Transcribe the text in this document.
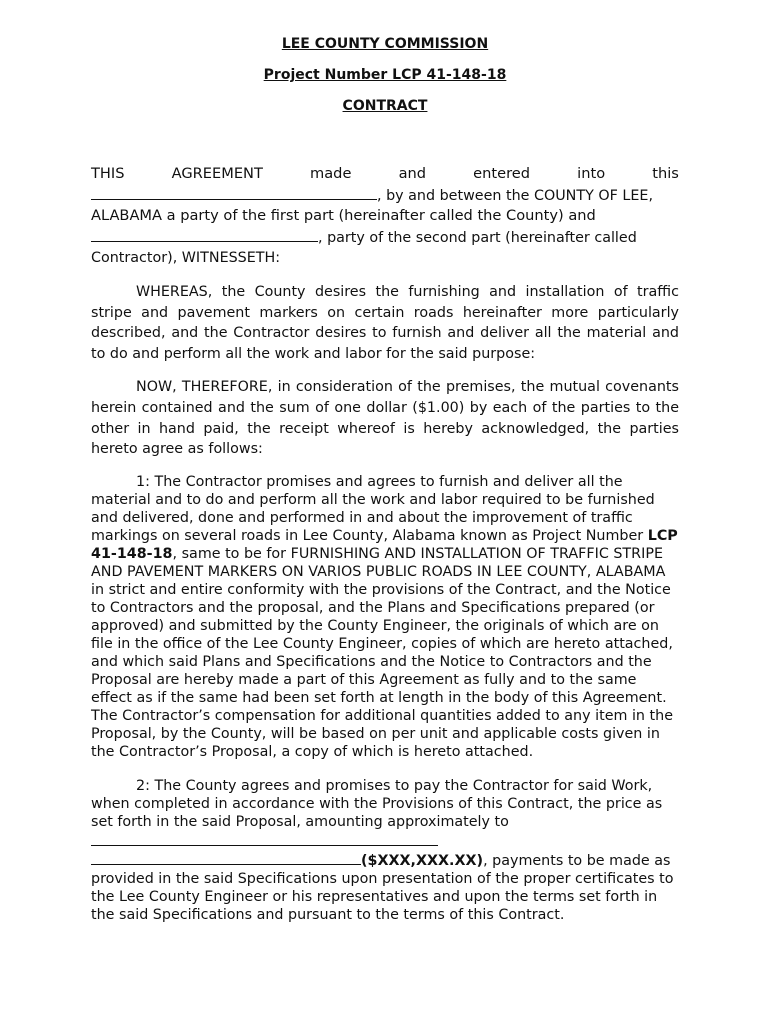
LEE COUNTY COMMISSION

Project Number LCP 41-148-18

CONTRACT

THIS	AGREEMENT	made	and	entered	into	this
, by and between the COUNTY OF LEE,
ALABAMA a party of the first part (hereinafter called the County) and
, party of the second part (hereinafter called
Contractor), WITNESSETH:

WHEREAS, the County desires the furnishing and installation of traffic stripe and pavement markers on certain roads hereinafter more particularly described, and the Contractor desires to furnish and deliver all the material and to do and perform all the work and labor for the said purpose:

NOW, THEREFORE, in consideration of the premises, the mutual covenants herein contained and the sum of one dollar ($1.00) by each of the parties to the other in hand paid, the receipt whereof is hereby acknowledged, the parties hereto agree as follows:

1: The Contractor promises and agrees to furnish and deliver all the material and to do and perform all the work and labor required to be furnished and delivered, done and performed in and about the improvement of traffic markings on several roads in Lee County, Alabama known as Project Number LCP 41-148-18, same to be for FURNISHING AND INSTALLATION OF TRAFFIC STRIPE AND PAVEMENT MARKERS ON VARIOS PUBLIC ROADS IN LEE COUNTY, ALABAMA in strict and entire conformity with the provisions of the Contract, and the Notice to Contractors and the proposal, and the Plans and Specifications prepared (or approved) and submitted by the County Engineer, the originals of which are on file in the office of the Lee County Engineer, copies of which are hereto attached, and which said Plans and Specifications and the Notice to Contractors and the Proposal are hereby made a part of this Agreement as fully and to the same effect as if the same had been set forth at length in the body of this Agreement. The Contractor’s compensation for additional quantities added to any item in the Proposal, by the County, will be based on per unit and applicable costs given in the Contractor’s Proposal, a copy of which is hereto attached.

2: The County agrees and promises to pay the Contractor for said Work, when completed in accordance with the Provisions of this Contract, the price as set forth in the said Proposal, amounting approximately to

($XXX,XXX.XX), payments to be made as provided in the said Specifications upon presentation of the proper certificates to the Lee County Engineer or his representatives and upon the terms set forth in the said Specifications and pursuant to the terms of this Contract.
